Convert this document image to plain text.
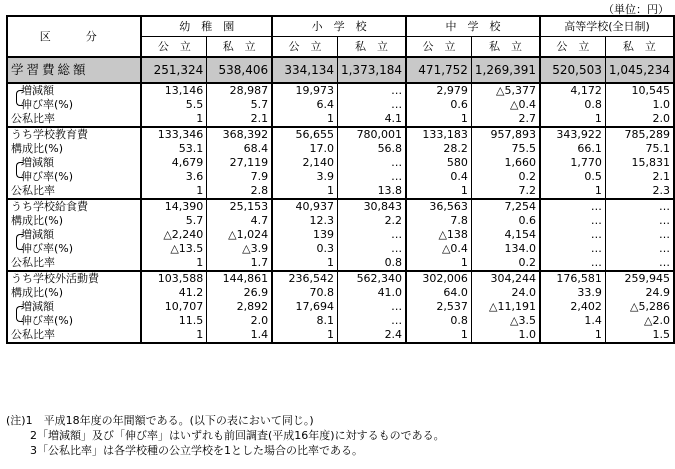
（単位：円）
区　分	幼　稚　園		小　学　校		中　学　校		高等学校(全日制)	
	公　立	私　立	公　立	私　立	公　立	私　立	公　立	私　立
学習費総額	251,324	538,406	334,134	1,373,184	471,752	1,269,391	520,503	1,045,234
増減額	13,146	28,987	19,973	…	2,979	△5,377	4,172	10,545
伸び率(%)	5.5	5.7	6.4	…	0.6	△0.4	0.8	1.0
公私比率	1	2.1	1	4.1	1	2.7	1	2.0
うち学校教育費	133,346	368,392	56,655	780,001	133,183	957,893	343,922	785,289
構成比(%)	53.1	68.4	17.0	56.8	28.2	75.5	66.1	75.1
増減額	4,679	27,119	2,140	…	580	1,660	1,770	15,831
伸び率(%)	3.6	7.9	3.9	…	0.4	0.2	0.5	2.1
公私比率	1	2.8	1	13.8	1	7.2	1	2.3
うち学校給食費	14,390	25,153	40,937	30,843	36,563	7,254	…	…
構成比(%)	5.7	4.7	12.3	2.2	7.8	0.6	…	…
増減額	△2,240	△1,024	139	…	△138	4,154	…	…
伸び率(%)	△13.5	△3.9	0.3	…	△0.4	134.0	…	…
公私比率	1	1.7	1	0.8	1	0.2	…	…
うち学校外活動費	103,588	144,861	236,542	562,340	302,006	304,244	176,581	259,945
構成比(%)	41.2	26.9	70.8	41.0	64.0	24.0	33.9	24.9
増減額	10,707	2,892	17,694	…	2,537	△11,191	2,402	△5,286
伸び率(%)	11.5	2.0	8.1	…	0.8	△3.5	1.4	△2.0
公私比率	1	1.4	1	2.4	1	1.0	1	1.5
(注)1　平成18年度の年間額である。(以下の表において同じ。)
2「増減額」及び「伸び率」はいずれも前回調査(平成16年度)に対するものである。
3「公私比率」は各学校種の公立学校を1とした場合の比率である。
